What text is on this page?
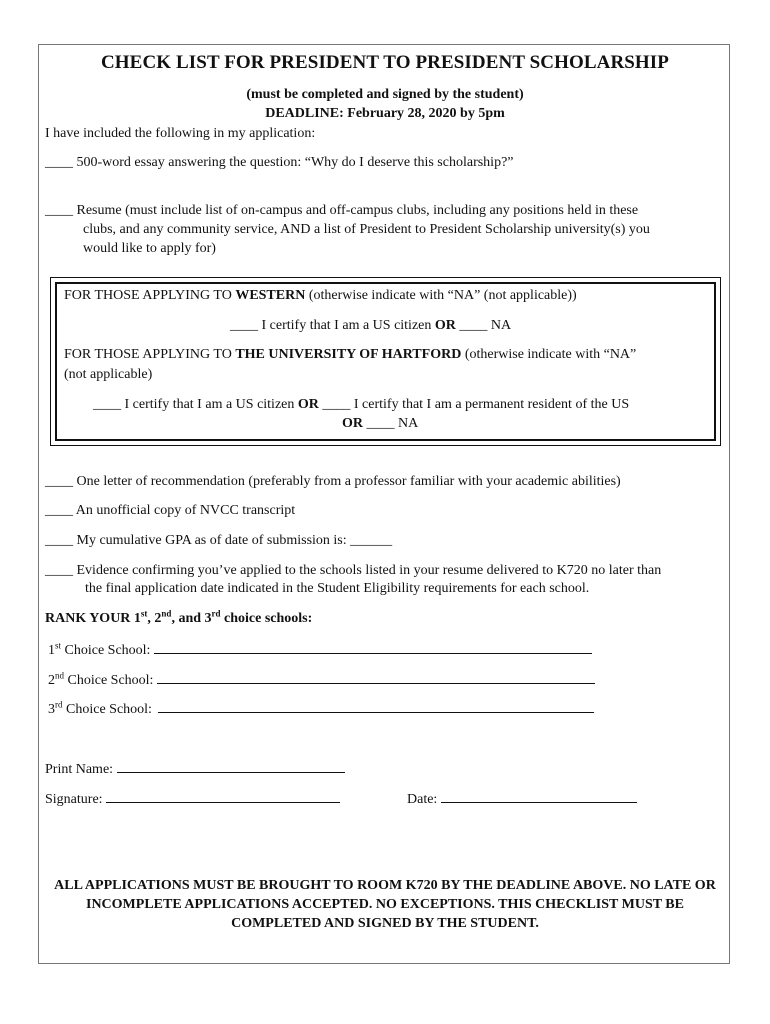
CHECK LIST FOR PRESIDENT TO PRESIDENT SCHOLARSHIP
(must be completed and signed by the student)
DEADLINE: February 28, 2020 by 5pm
I have included the following in my application:
____ 500-word essay answering the question: “Why do I deserve this scholarship?”
____ Resume (must include list of on-campus and off-campus clubs, including any positions held in these
clubs, and any community service, AND a list of President to President Scholarship university(s) you
would like to apply for)
FOR THOSE APPLYING TO WESTERN (otherwise indicate with “NA” (not applicable))
____ I certify that I am a US citizen OR ____ NA
FOR THOSE APPLYING TO THE UNIVERSITY OF HARTFORD (otherwise indicate with “NA”
(not applicable)
____ I certify that I am a US citizen OR ____ I certify that I am a permanent resident of the US
OR ____ NA
____ One letter of recommendation (preferably from a professor familiar with your academic abilities)
____ An unofficial copy of NVCC transcript
____ My cumulative GPA as of date of submission is: ______
____ Evidence confirming you’ve applied to the schools listed in your resume delivered to K720 no later than
the final application date indicated in the Student Eligibility requirements for each school.
RANK YOUR 1st, 2nd, and 3rd choice schools:
1st Choice School:
2nd Choice School:
3rd Choice School:
Print Name:
Signature:	Date:
ALL APPLICATIONS MUST BE BROUGHT TO ROOM K720 BY THE DEADLINE ABOVE. NO LATE OR INCOMPLETE APPLICATIONS ACCEPTED. NO EXCEPTIONS. THIS CHECKLIST MUST BE COMPLETED AND SIGNED BY THE STUDENT.
